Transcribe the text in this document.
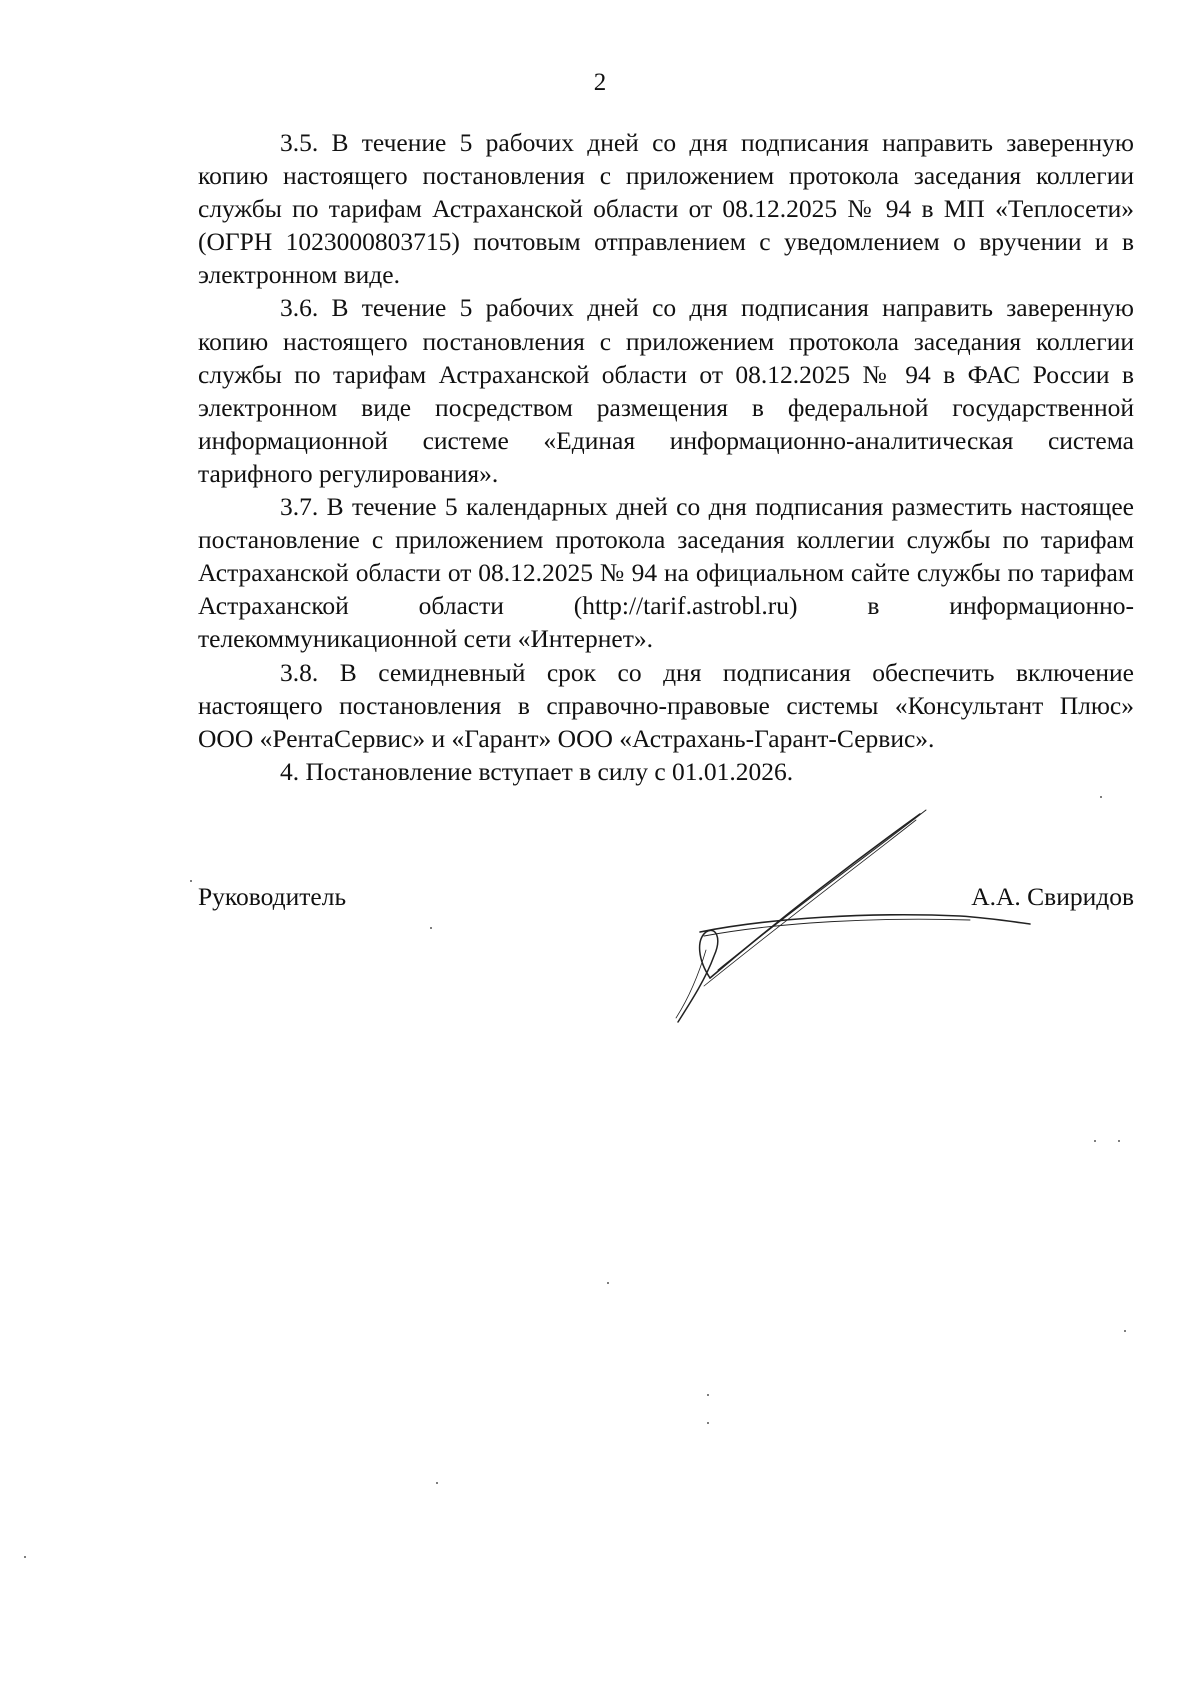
2

3.5. В течение 5 рабочих дней со дня подписания направить заверенную копию настоящего постановления с приложением протокола заседания коллегии службы по тарифам Астраханской области от 08.12.2025 № 94 в МП «Теплосети» (ОГРН 1023000803715) почтовым отправлением с уведомлением о вручении и в электронном виде.

3.6. В течение 5 рабочих дней со дня подписания направить заверенную копию настоящего постановления с приложением протокола заседания коллегии службы по тарифам Астраханской области от 08.12.2025 № 94 в ФАС России в электронном виде посредством размещения в федеральной государственной информационной системе «Единая информационно-аналитическая система тарифного регулирования».

3.7. В течение 5 календарных дней со дня подписания разместить настоящее постановление с приложением протокола заседания коллегии службы по тарифам Астраханской области от 08.12.2025 № 94 на официальном сайте службы по тарифам Астраханской области (http://tarif.astrobl.ru) в информационно-телекоммуникационной сети «Интернет».

3.8. В семидневный срок со дня подписания обеспечить включение настоящего постановления в справочно-правовые системы «Консультант Плюс» ООО «РентаСервис» и «Гарант» ООО «Астрахань-Гарант-Сервис».

4. Постановление вступает в силу с 01.01.2026.

Руководитель	А.А. Свиридов
